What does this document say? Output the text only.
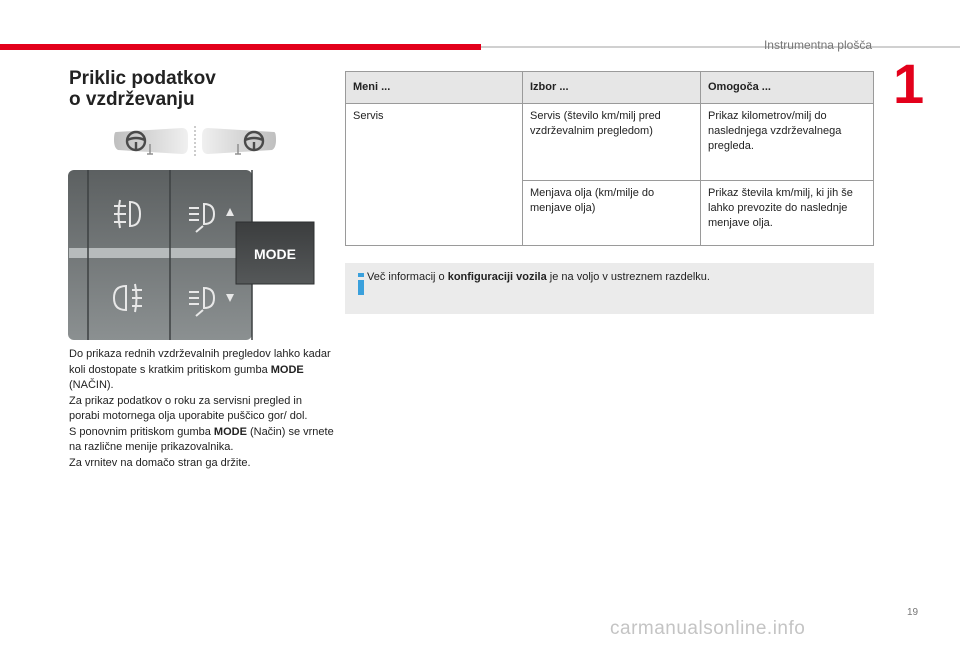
Instrumentna plošča
1
Priklic podatkov
o vzdrževanju
MODE

Do prikaza rednih vzdrževalnih pregledov lahko kadar koli dostopate s kratkim pritiskom gumba MODE (NAČIN).

Za prikaz podatkov o roku za servisni pregled in porabi motornega olja uporabite puščico gor/ dol.

S ponovnim pritiskom gumba MODE (Način) se vrnete na različne menije prikazovalnika.

Za vrnitev na domačo stran ga držite.

Meni ...	Izbor ...	Omogoča ...
Servis	Servis (število km/milj pred vzdrževalnim pregledom)	Prikaz kilometrov/milj do naslednjega vzdrževalnega pregleda.
	Menjava olja (km/milje do menjave olja)	Prikaz števila km/milj, ki jih še lahko prevozite do naslednje menjave olja.
Več informacij o konfiguraciji vozila je na voljo v ustreznem razdelku.
19
carmanualsonline.info
